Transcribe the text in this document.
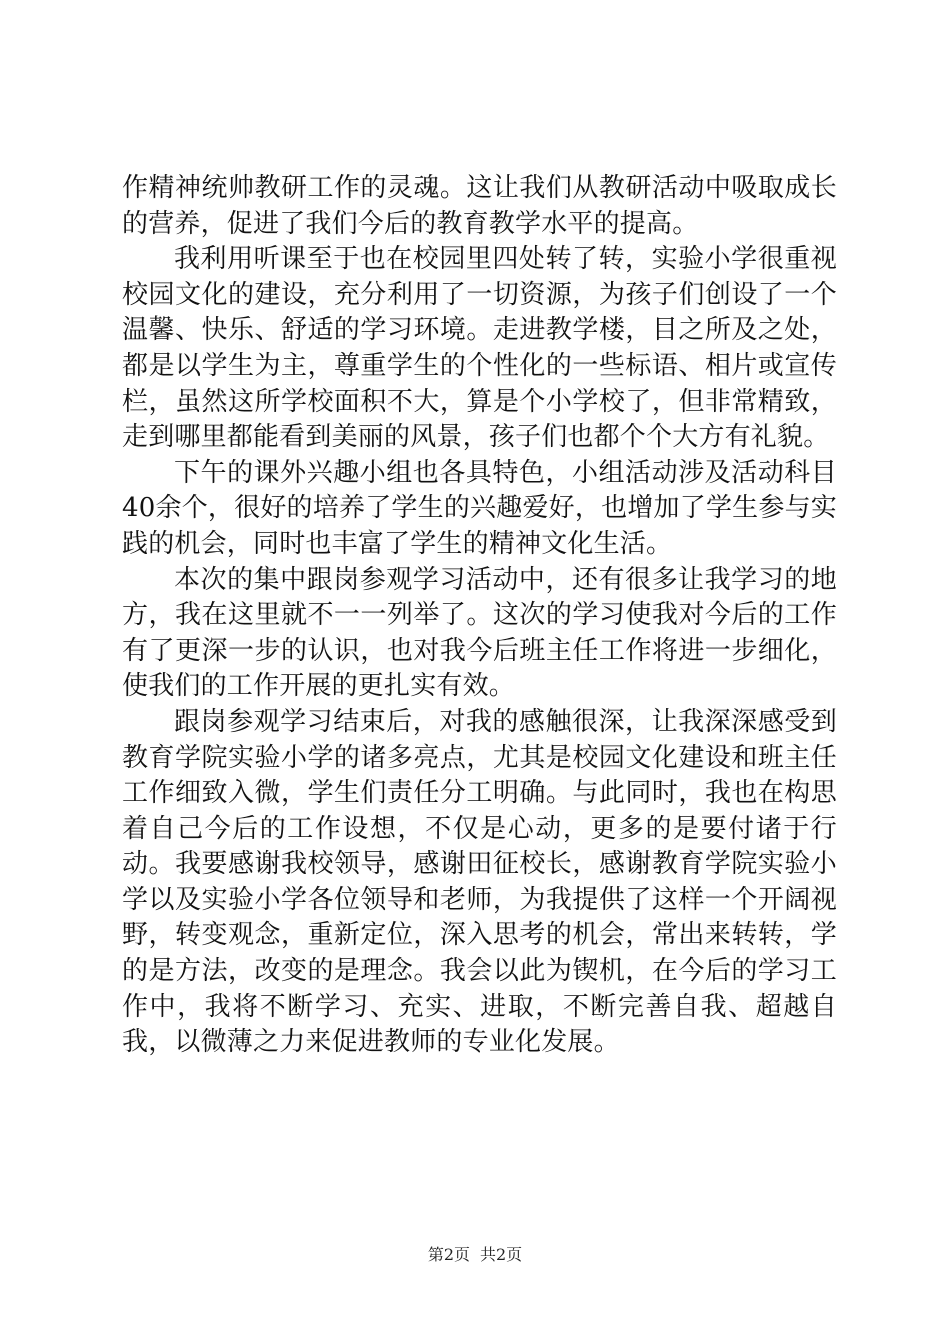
作精神统帅教研工作的灵魂。这让我们从教研活动中吸取成长的营养，促进了我们今后的教育教学水平的提高。

我利用听课至于也在校园里四处转了转，实验小学很重视校园文化的建设，充分利用了一切资源，为孩子们创设了一个温馨、快乐、舒适的学习环境。走进教学楼，目之所及之处，都是以学生为主，尊重学生的个性化的一些标语、相片或宣传栏，虽然这所学校面积不大，算是个小学校了，但非常精致，走到哪里都能看到美丽的风景，孩子们也都个个大方有礼貌。

下午的课外兴趣小组也各具特色，小组活动涉及活动科目40余个，很好的培养了学生的兴趣爱好，也增加了学生参与实践的机会，同时也丰富了学生的精神文化生活。

本次的集中跟岗参观学习活动中，还有很多让我学习的地方，我在这里就不一一列举了。这次的学习使我对今后的工作有了更深一步的认识，也对我今后班主任工作将进一步细化，使我们的工作开展的更扎实有效。

跟岗参观学习结束后，对我的感触很深，让我深深感受到教育学院实验小学的诸多亮点，尤其是校园文化建设和班主任工作细致入微，学生们责任分工明确。与此同时，我也在构思着自己今后的工作设想，不仅是心动，更多的是要付诸于行动。我要感谢我校领导，感谢田征校长，感谢教育学院实验小学以及实验小学各位领导和老师，为我提供了这样一个开阔视野，转变观念，重新定位，深入思考的机会，常出来转转，学的是方法，改变的是理念。我会以此为锲机，在今后的学习工作中，我将不断学习、充实、进取，不断完善自我、超越自我，以微薄之力来促进教师的专业化发展。

第2页 共2页
